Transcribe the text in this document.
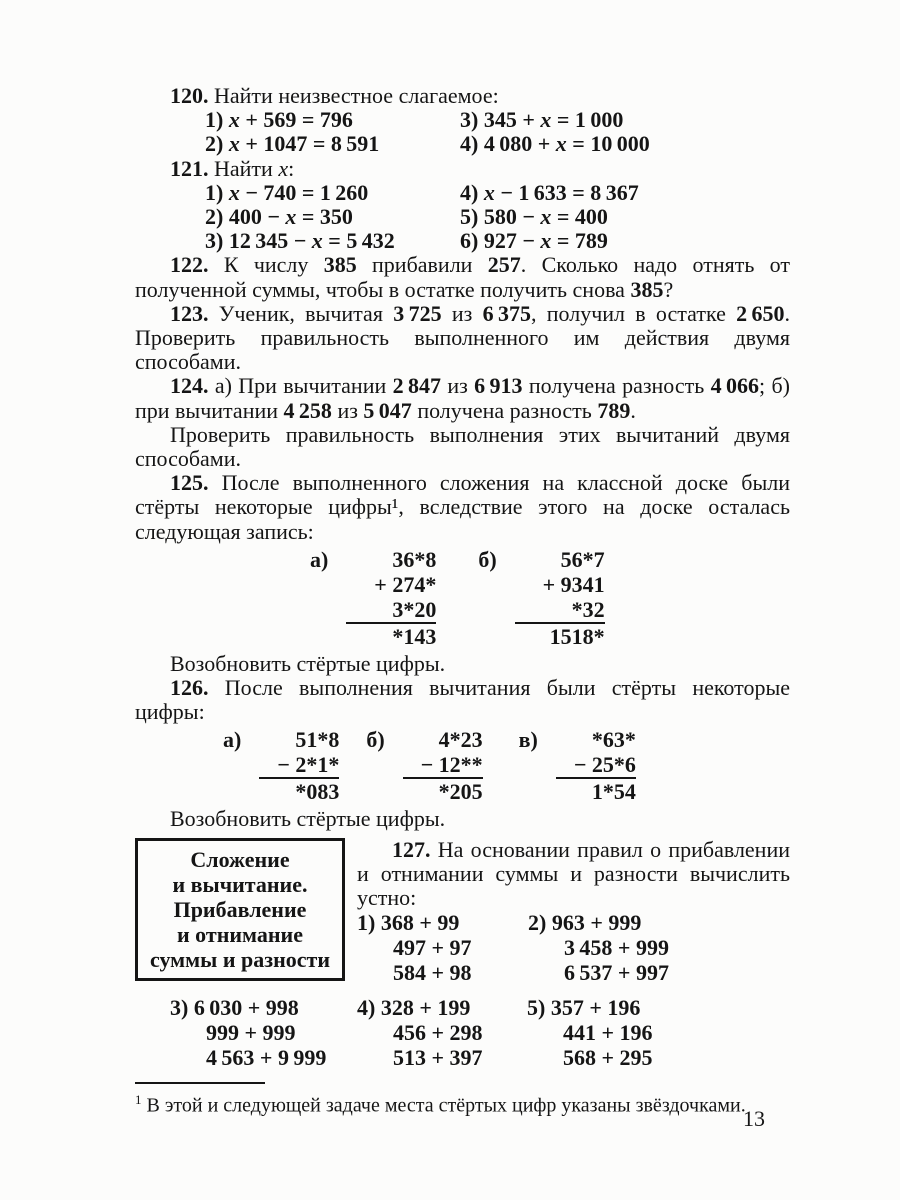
120. Найти неизвестное слагаемое:

1) x + 569 = 796	3) 345 + x = 1 000
2) x + 1047 = 8 591	4) 4 080 + x = 10 000

121. Найти x:

1) x − 740 = 1 260	4) x − 1 633 = 8 367
2) 400 − x = 350	5) 580 − x = 400
3) 12 345 − x = 5 432	6) 927 − x = 789

122. К числу 385 прибавили 257. Сколько надо отнять от полученной суммы, чтобы в остатке получить снова 385?

123. Ученик, вычитая 3 725 из 6 375, получил в остатке 2 650. Проверить правильность выполненного им действия двумя способами.

124. а) При вычитании 2 847 из 6 913 получена разность 4 066; б) при вычитании 4 258 из 5 047 получена разность 789.

Проверить правильность выполнения этих вычитаний двумя способами.

125. После выполненного сложения на классной доске были стёрты некоторые цифры¹, вследствие этого на доске осталась следующая запись:

а)	36*8
+ 274*
3*20
*143
б)	56*7
+ 9341
*32
1518*

Возобновить стёртые цифры.

126. После выполнения вычитания были стёрты некоторые цифры:

а)	51*8
− 2*1*
*083
б)	4*23
− 12**
*205
в)	*63*
− 25*6
1*54

Возобновить стёртые цифры.

Сложение
и вычитание.
Прибавление
и отнимание
суммы и разности

127. На основании правил о прибавлении и отнимании суммы и разности вычислить устно:

1) 368 + 99
497 + 97
584 + 98
2) 963 + 999
3 458 + 999
6 537 + 997
3) 6 030 + 998
999 + 999
4 563 + 9 999
4) 328 + 199
456 + 298
513 + 397
5) 357 + 196
441 + 196
568 + 295

$^1$ В этой и следующей задаче места стёртых цифр указаны звёздочками.

13
